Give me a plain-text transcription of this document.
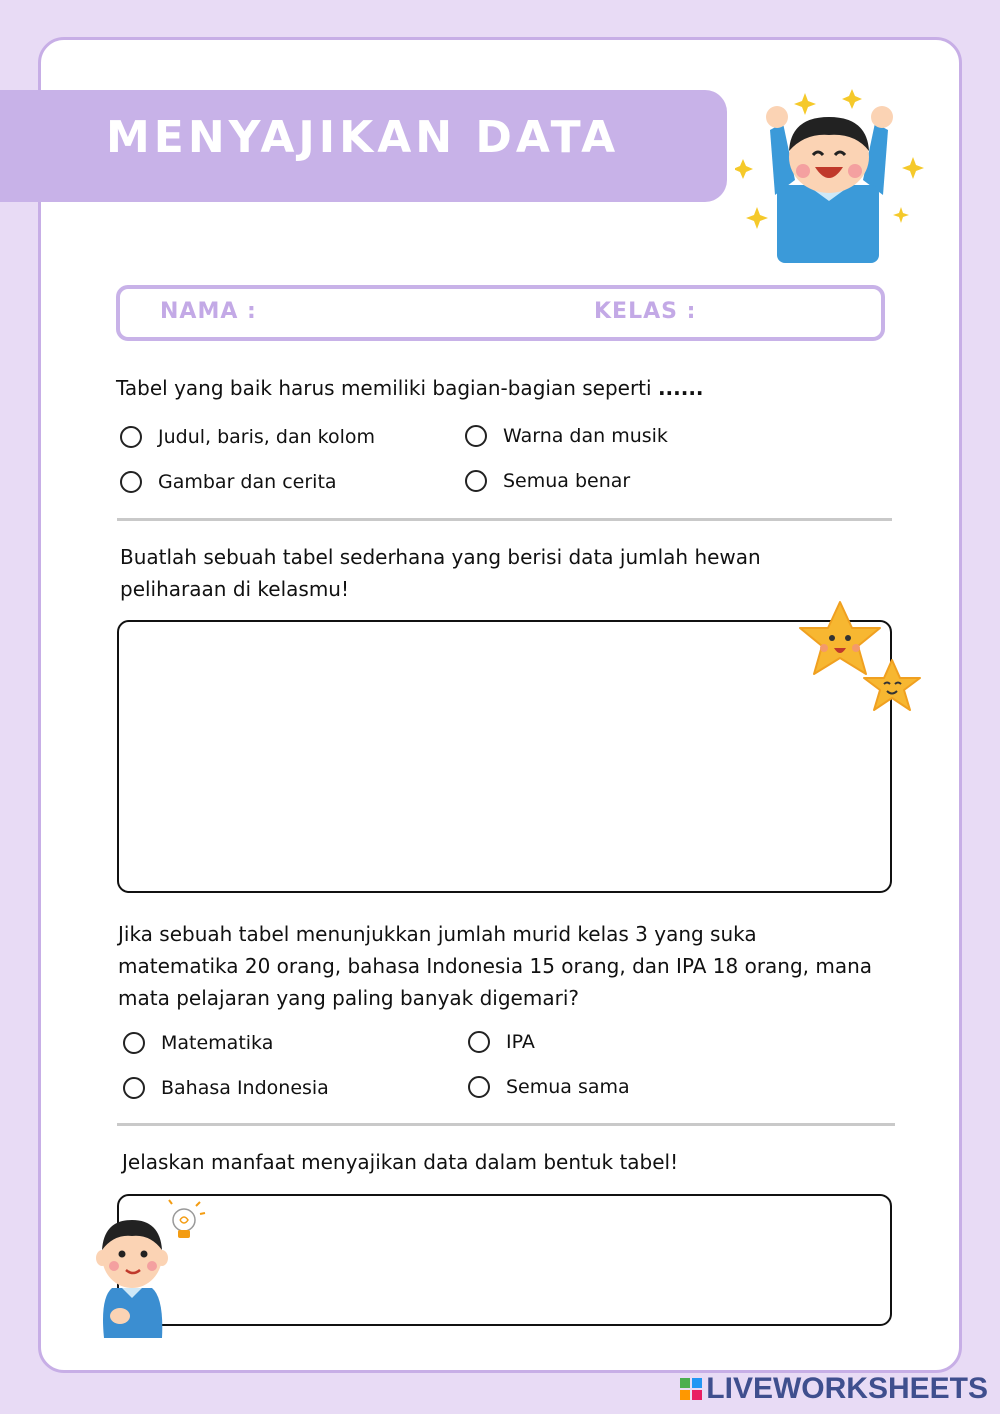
MENYAJIKAN DATA
NAMA :	KELAS :
Tabel yang baik harus memiliki bagian-bagian seperti ......
Judul, baris, dan kolom	Warna dan musik
Gambar dan cerita	Semua benar
Buatlah sebuah tabel sederhana yang berisi data jumlah hewan
peliharaan di kelasmu!
Jika sebuah tabel menunjukkan jumlah murid kelas 3 yang suka
matematika 20 orang, bahasa Indonesia 15 orang, dan IPA 18 orang, mana
mata pelajaran yang paling banyak digemari?
Matematika	IPA
Bahasa Indonesia	Semua sama
Jelaskan manfaat menyajikan data dalam bentuk tabel!
LIVEWORKSHEETS
